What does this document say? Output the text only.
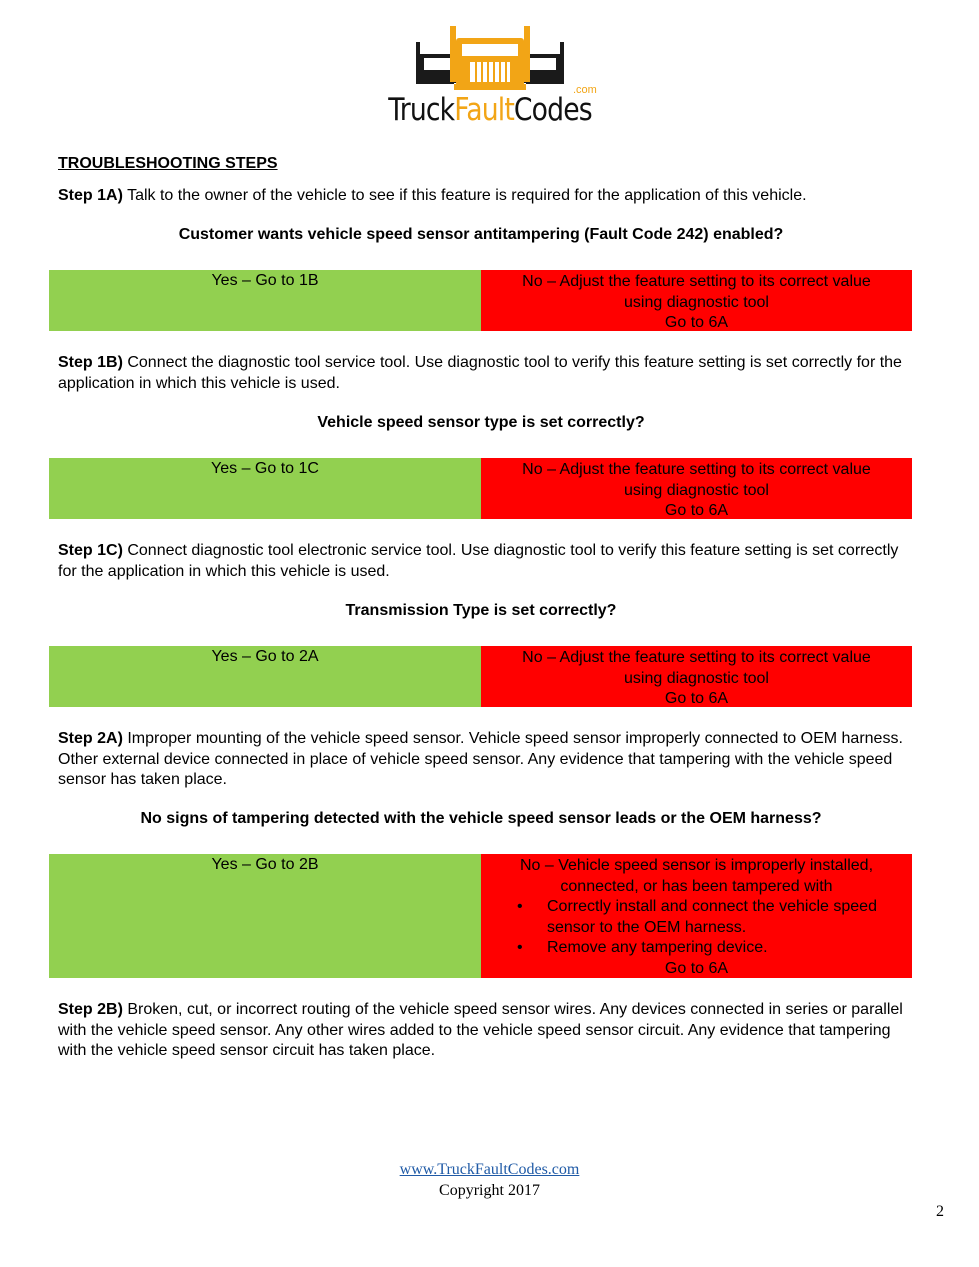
TruckFaultCodes
.com
TROUBLESHOOTING STEPS
Step 1A) Talk to the owner of the vehicle to see if this feature is required for the application of this vehicle.
Customer wants vehicle speed sensor antitampering (Fault Code 242) enabled?
Yes – Go to 1B	No – Adjust the feature setting to its correct value
using diagnostic tool
Go to 6A
Step 1B) Connect the diagnostic tool service tool. Use diagnostic tool to verify this feature setting is set correctly for the application in which this vehicle is used.
Vehicle speed sensor type is set correctly?
Yes – Go to 1C	No – Adjust the feature setting to its correct value
using diagnostic tool
Go to 6A
Step 1C) Connect diagnostic tool electronic service tool. Use diagnostic tool to verify this feature setting is set correctly for the application in which this vehicle is used.
Transmission Type is set correctly?
Yes – Go to 2A	No – Adjust the feature setting to its correct value
using diagnostic tool
Go to 6A
Step 2A) Improper mounting of the vehicle speed sensor. Vehicle speed sensor improperly connected to OEM harness. Other external device connected in place of vehicle speed sensor. Any evidence that tampering with the vehicle speed sensor has taken place.
No signs of tampering detected with the vehicle speed sensor leads or the OEM harness?
Yes – Go to 2B	No – Vehicle speed sensor is improperly installed,
connected, or has been tampered with
• Correctly install and connect the vehicle speed sensor to the OEM harness.
• Remove any tampering device.
Go to 6A
Step 2B) Broken, cut, or incorrect routing of the vehicle speed sensor wires. Any devices connected in series or parallel with the vehicle speed sensor. Any other wires added to the vehicle speed sensor circuit. Any evidence that tampering with the vehicle speed sensor circuit has taken place.
www.TruckFaultCodes.com
Copyright 2017
2
